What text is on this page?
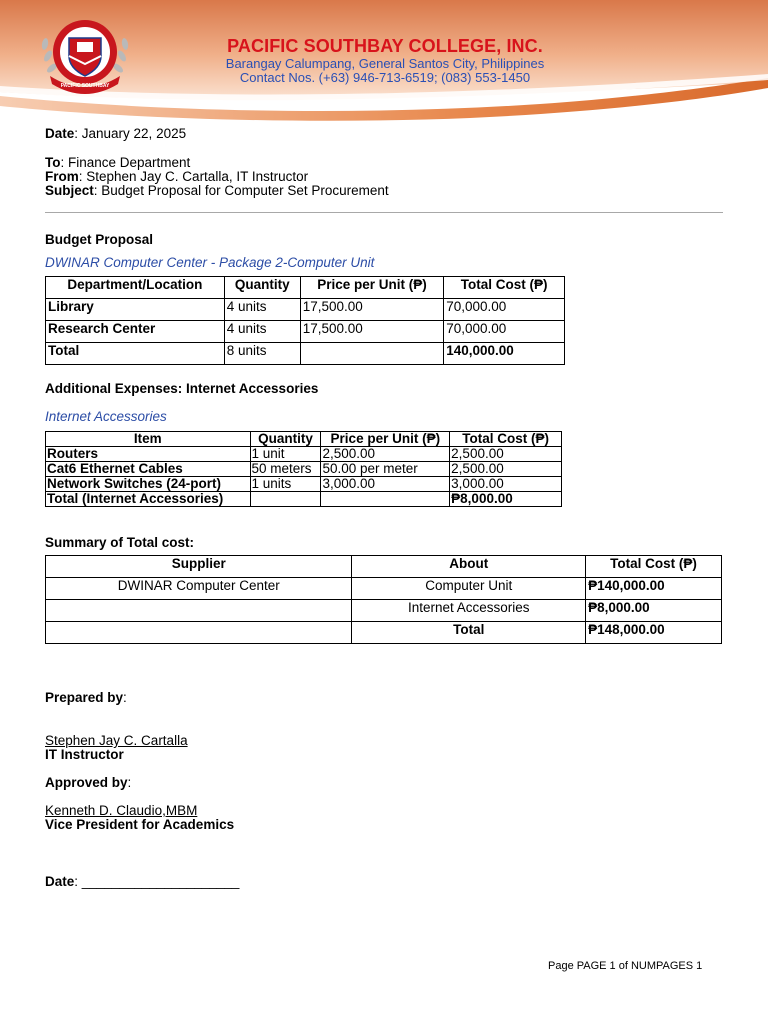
PACIFIC SOUTHBAY
PACIFIC SOUTHBAY COLLEGE, INC.
Barangay Calumpang, General Santos City, Philippines
Contact Nos. (+63) 946-713-6519; (083) 553-1450
Date: January 22, 2025
To: Finance Department
From: Stephen Jay C. Cartalla, IT Instructor
Subject: Budget Proposal for Computer Set Procurement
Budget Proposal
DWINAR Computer Center - Package 2-Computer Unit
Department/Location	Quantity	Price per Unit (₱)	Total Cost (₱)
Library	4 units	17,500.00	70,000.00
Research Center	4 units	17,500.00	70,000.00
Total	8 units		140,000.00
Additional Expenses: Internet Accessories
Internet Accessories
Item	Quantity	Price per Unit (₱)	Total Cost (₱)
Routers	1 unit	2,500.00	2,500.00
Cat6 Ethernet Cables	50 meters	50.00 per meter	2,500.00
Network Switches (24-port)	1 units	3,000.00	3,000.00
Total (Internet Accessories)			₱8,000.00
Summary of Total cost:
Supplier	About	Total Cost (₱)
DWINAR Computer Center	Computer Unit	₱140,000.00
	Internet Accessories	₱8,000.00
	Total	₱148,000.00
Prepared by:
Stephen Jay C. Cartalla
IT Instructor
Approved by:
Kenneth D. Claudio,MBM
Vice President for Academics
Date: _____________________
Page PAGE 1 of NUMPAGES 1
